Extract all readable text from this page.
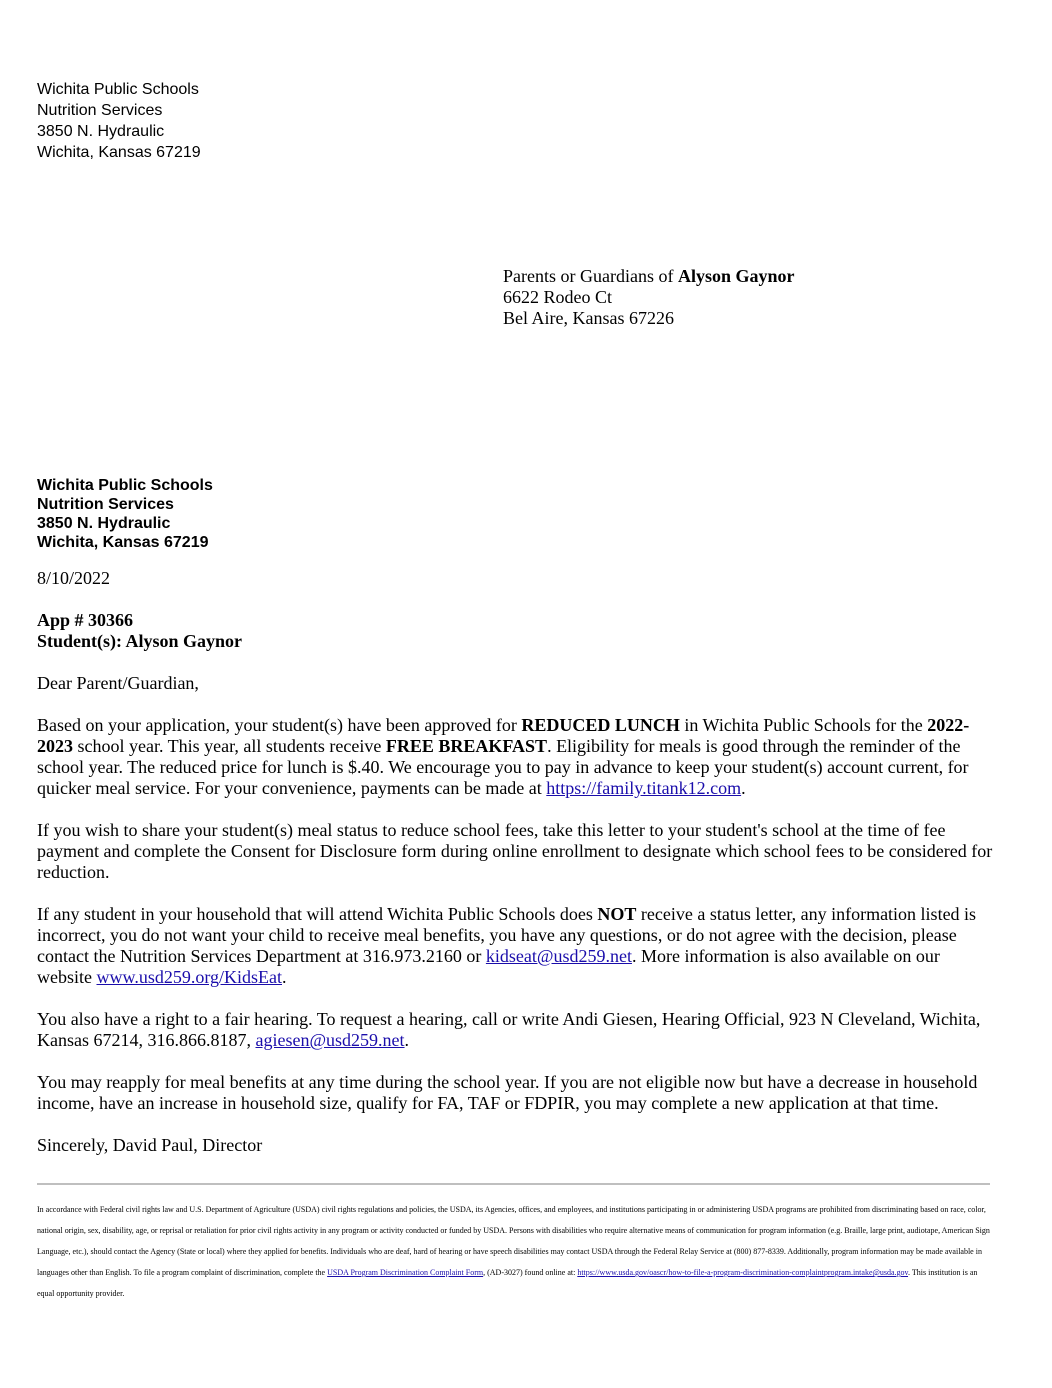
Wichita Public Schools
Nutrition Services
3850 N. Hydraulic
Wichita, Kansas 67219
Parents or Guardians of Alyson Gaynor
6622 Rodeo Ct
Bel Aire, Kansas 67226
Wichita Public Schools
Nutrition Services
3850 N. Hydraulic
Wichita, Kansas 67219

8/10/2022

App # 30366

Student(s): Alyson Gaynor

Dear Parent/Guardian,

Based on your application, your student(s) have been approved for REDUCED LUNCH in Wichita Public Schools for the 2022-2023 school year. This year, all students receive FREE BREAKFAST. Eligibility for meals is good through the reminder of the school year. The reduced price for lunch is $.40. We encourage you to pay in advance to keep your student(s) account current, for quicker meal service. For your convenience, payments can be made at https://family.titank12.com.

If you wish to share your student(s) meal status to reduce school fees, take this letter to your student's school at the time of fee payment and complete the Consent for Disclosure form during online enrollment to designate which school fees to be considered for reduction.

If any student in your household that will attend Wichita Public Schools does NOT receive a status letter, any information listed is incorrect, you do not want your child to receive meal benefits, you have any questions, or do not agree with the decision, please contact the Nutrition Services Department at 316.973.2160 or kidseat@usd259.net. More information is also available on our website www.usd259.org/KidsEat.

You also have a right to a fair hearing. To request a hearing, call or write Andi Giesen, Hearing Official, 923 N Cleveland, Wichita, Kansas 67214, 316.866.8187, agiesen@usd259.net.

You may reapply for meal benefits at any time during the school year. If you are not eligible now but have a decrease in household income, have an increase in household size, qualify for FA, TAF or FDPIR, you may complete a new application at that time.

Sincerely, David Paul, Director

In accordance with Federal civil rights law and U.S. Department of Agriculture (USDA) civil rights regulations and policies, the USDA, its Agencies, offices, and employees, and institutions participating in or administering USDA programs are prohibited from discriminating based on race, color, national origin, sex, disability, age, or reprisal or retaliation for prior civil rights activity in any program or activity conducted or funded by USDA. Persons with disabilities who require alternative means of communication for program information (e.g. Braille, large print, audiotape, American Sign Language, etc.), should contact the Agency (State or local) where they applied for benefits. Individuals who are deaf, hard of hearing or have speech disabilities may contact USDA through the Federal Relay Service at (800) 877-8339. Additionally, program information may be made available in languages other than English. To file a program complaint of discrimination, complete the USDA Program Discrimination Complaint Form, (AD-3027) found online at: https://www.usda.gov/oascr/how-to-file-a-program-discrimination-complaintprogram.intake@usda.gov. This institution is an equal opportunity provider.
